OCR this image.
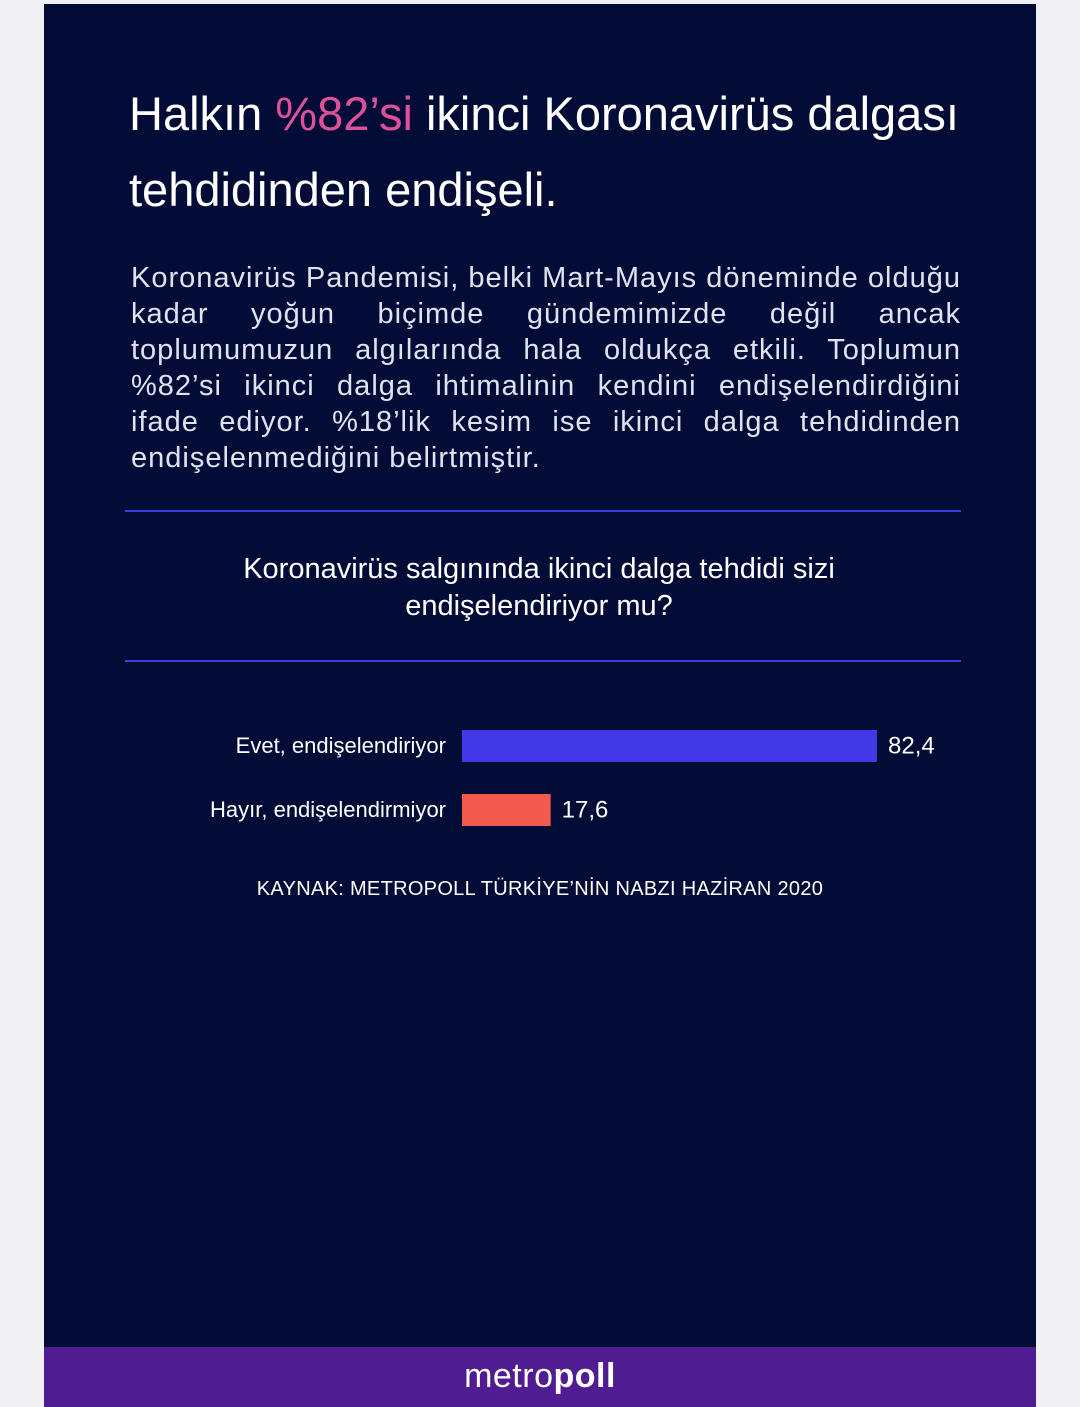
Halkın %82’si ikinci Koronavirüs dalgası tehdidinden endişeli.

Koronavirüs Pandemisi, belki Mart-Mayıs döneminde olduğu kadar yoğun biçimde gündemimizde değil ancak toplumumuzun algılarında hala oldukça etkili. Toplumun %82’si ikinci dalga ihtimalinin kendini endişelendirdiğini ifade ediyor. %18’lik kesim ise ikinci dalga tehdidinden endişelenmediğini belirtmiştir.

Koronavirüs salgınında ikinci dalga tehdidi sizi endişelendiriyor mu?

Evet, endişelendiriyor	82,4
Hayır, endişelendirmiyor	17,6
KAYNAK: METROPOLL TÜRKİYE’NİN NABZI HAZİRAN 2020
metropoll
